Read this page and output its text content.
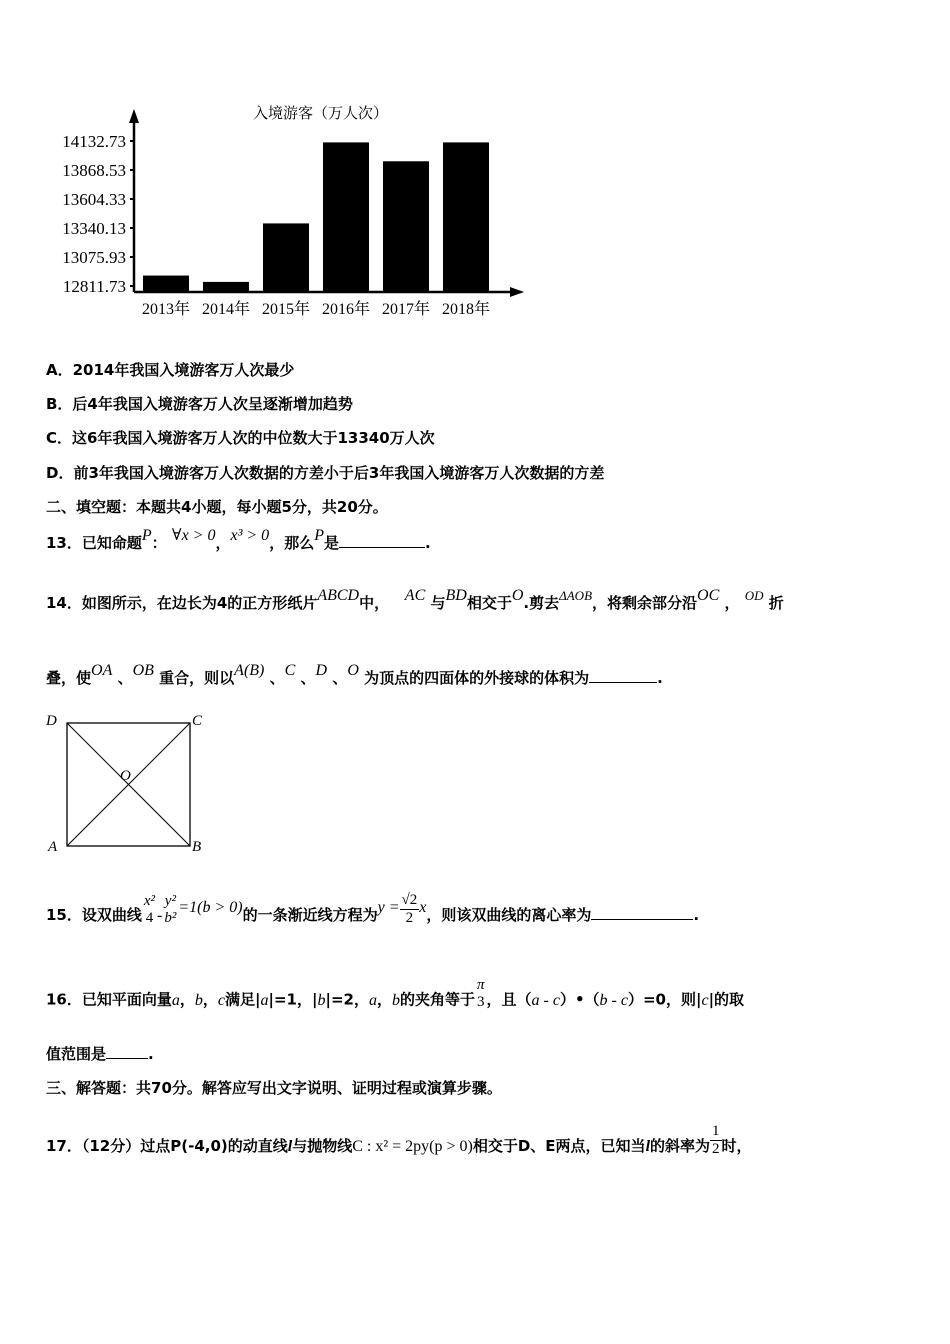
入境游客（万人次）
14132.73
13868.53
13604.33
13340.13
13075.93
12811.73
2013年 2014年 2015年 2016年 2017年 2018年
A．2014年我国入境游客万人次最少
B．后4年我国入境游客万人次呈逐渐增加趋势
C．这6年我国入境游客万人次的中位数大于13340万人次
D．前3年我国入境游客万人次数据的方差小于后3年我国入境游客万人次数据的方差
二、填空题：本题共4小题，每小题5分，共20分。
13．已知命题P： ∀x > 0，x³ > 0，那么P是	.
14．如图所示，在边长为4的正方形纸片ABCD中， AC 与BD相交于O.剪去ΔAOB，将剩余部分沿OC ， OD 折
叠，使OA 、OB 重合，则以A(B) 、C 、D 、O 为顶点的四面体的外接球的体积为	.
D	C
A	B
O
15．设双曲线
x²
4 -
y²
b²
=1(b > 0)的一条渐近线方程为$y = \frac{√2}{2}$ x，则该双曲线的离心率为	.
16．已知平面向量a，b，c满足|a|=1，|b|=2，a，b的夹角等于
π
3 ，且（a - c）•（b - c）=0，则|c|的取
值范围是	.
三、解答题：共70分。解答应写出文字说明、证明过程或演算步骤。
17．（12分）过点P(-4,0)的动直线l与抛物线C : x² = 2py(p > 0)相交于D、E两点，已知当l的斜率为 $\frac{1}{2}$ 时，
